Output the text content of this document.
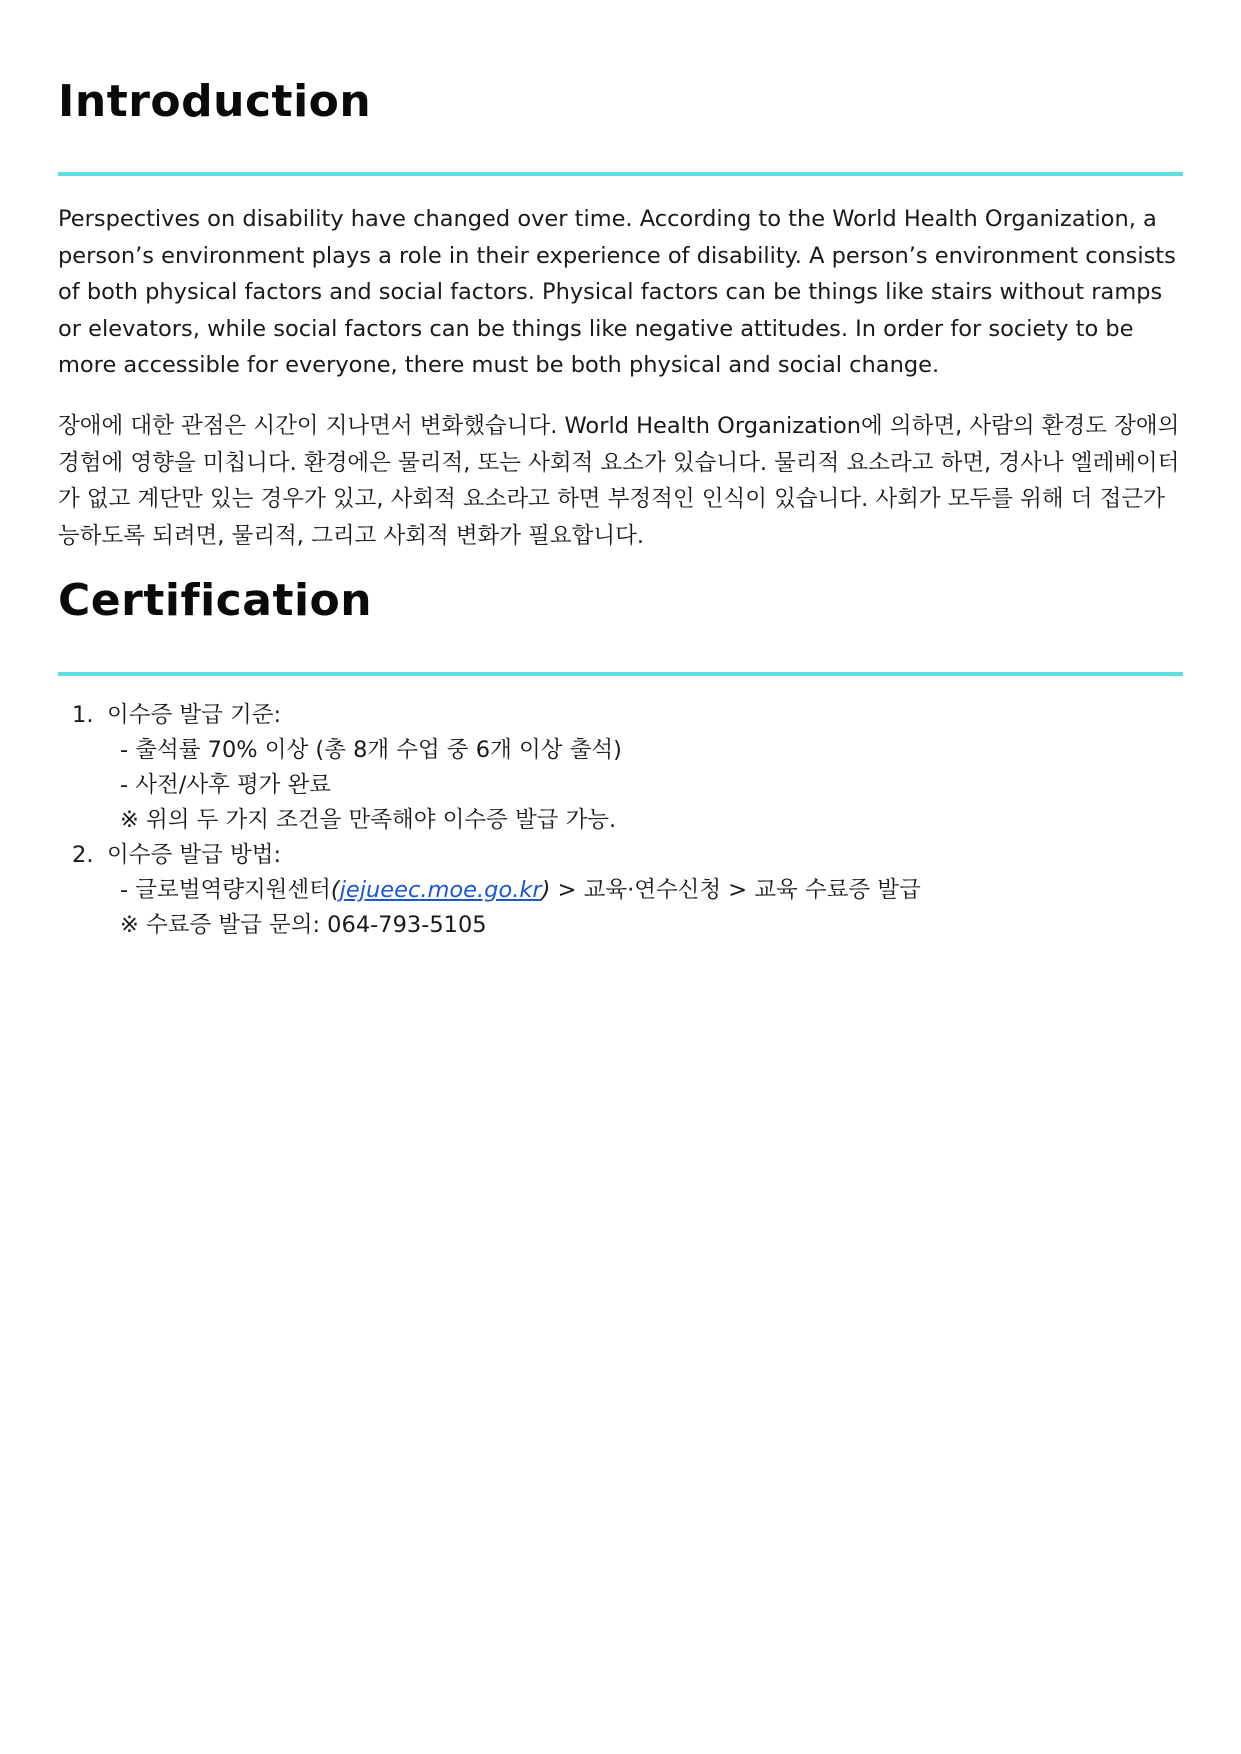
Introduction

Perspectives on disability have changed over time. According to the World Health Organization, a person’s environment plays a role in their experience of disability. A person’s environment consists of both physical factors and social factors. Physical factors can be things like stairs without ramps or elevators, while social factors can be things like negative attitudes. In order for society to be more accessible for everyone, there must be both physical and social change.

장애에 대한 관점은 시간이 지나면서 변화했습니다. World Health Organization에 의하면, 사람의 환경도 장애의 경험에 영향을 미칩니다. 환경에은 물리적, 또는 사회적 요소가 있습니다. 물리적 요소라고 하면, 경사나 엘레베이터가 없고 계단만 있는 경우가 있고, 사회적 요소라고 하면 부정적인 인식이 있습니다. 사회가 모두를 위해 더 접근가능하도록 되려면, 물리적, 그리고 사회적 변화가 필요합니다.

Certification
1. 이수증 발급 기준:
- 출석률 70% 이상 (총 8개 수업 중 6개 이상 출석)
- 사전/사후 평가 완료
※ 위의 두 가지 조건을 만족해야 이수증 발급 가능.
2. 이수증 발급 방법:
- 글로벌역량지원센터(jejueec.moe.go.kr) > 교육·연수신청 > 교육 수료증 발급
※ 수료증 발급 문의: 064-793-5105
